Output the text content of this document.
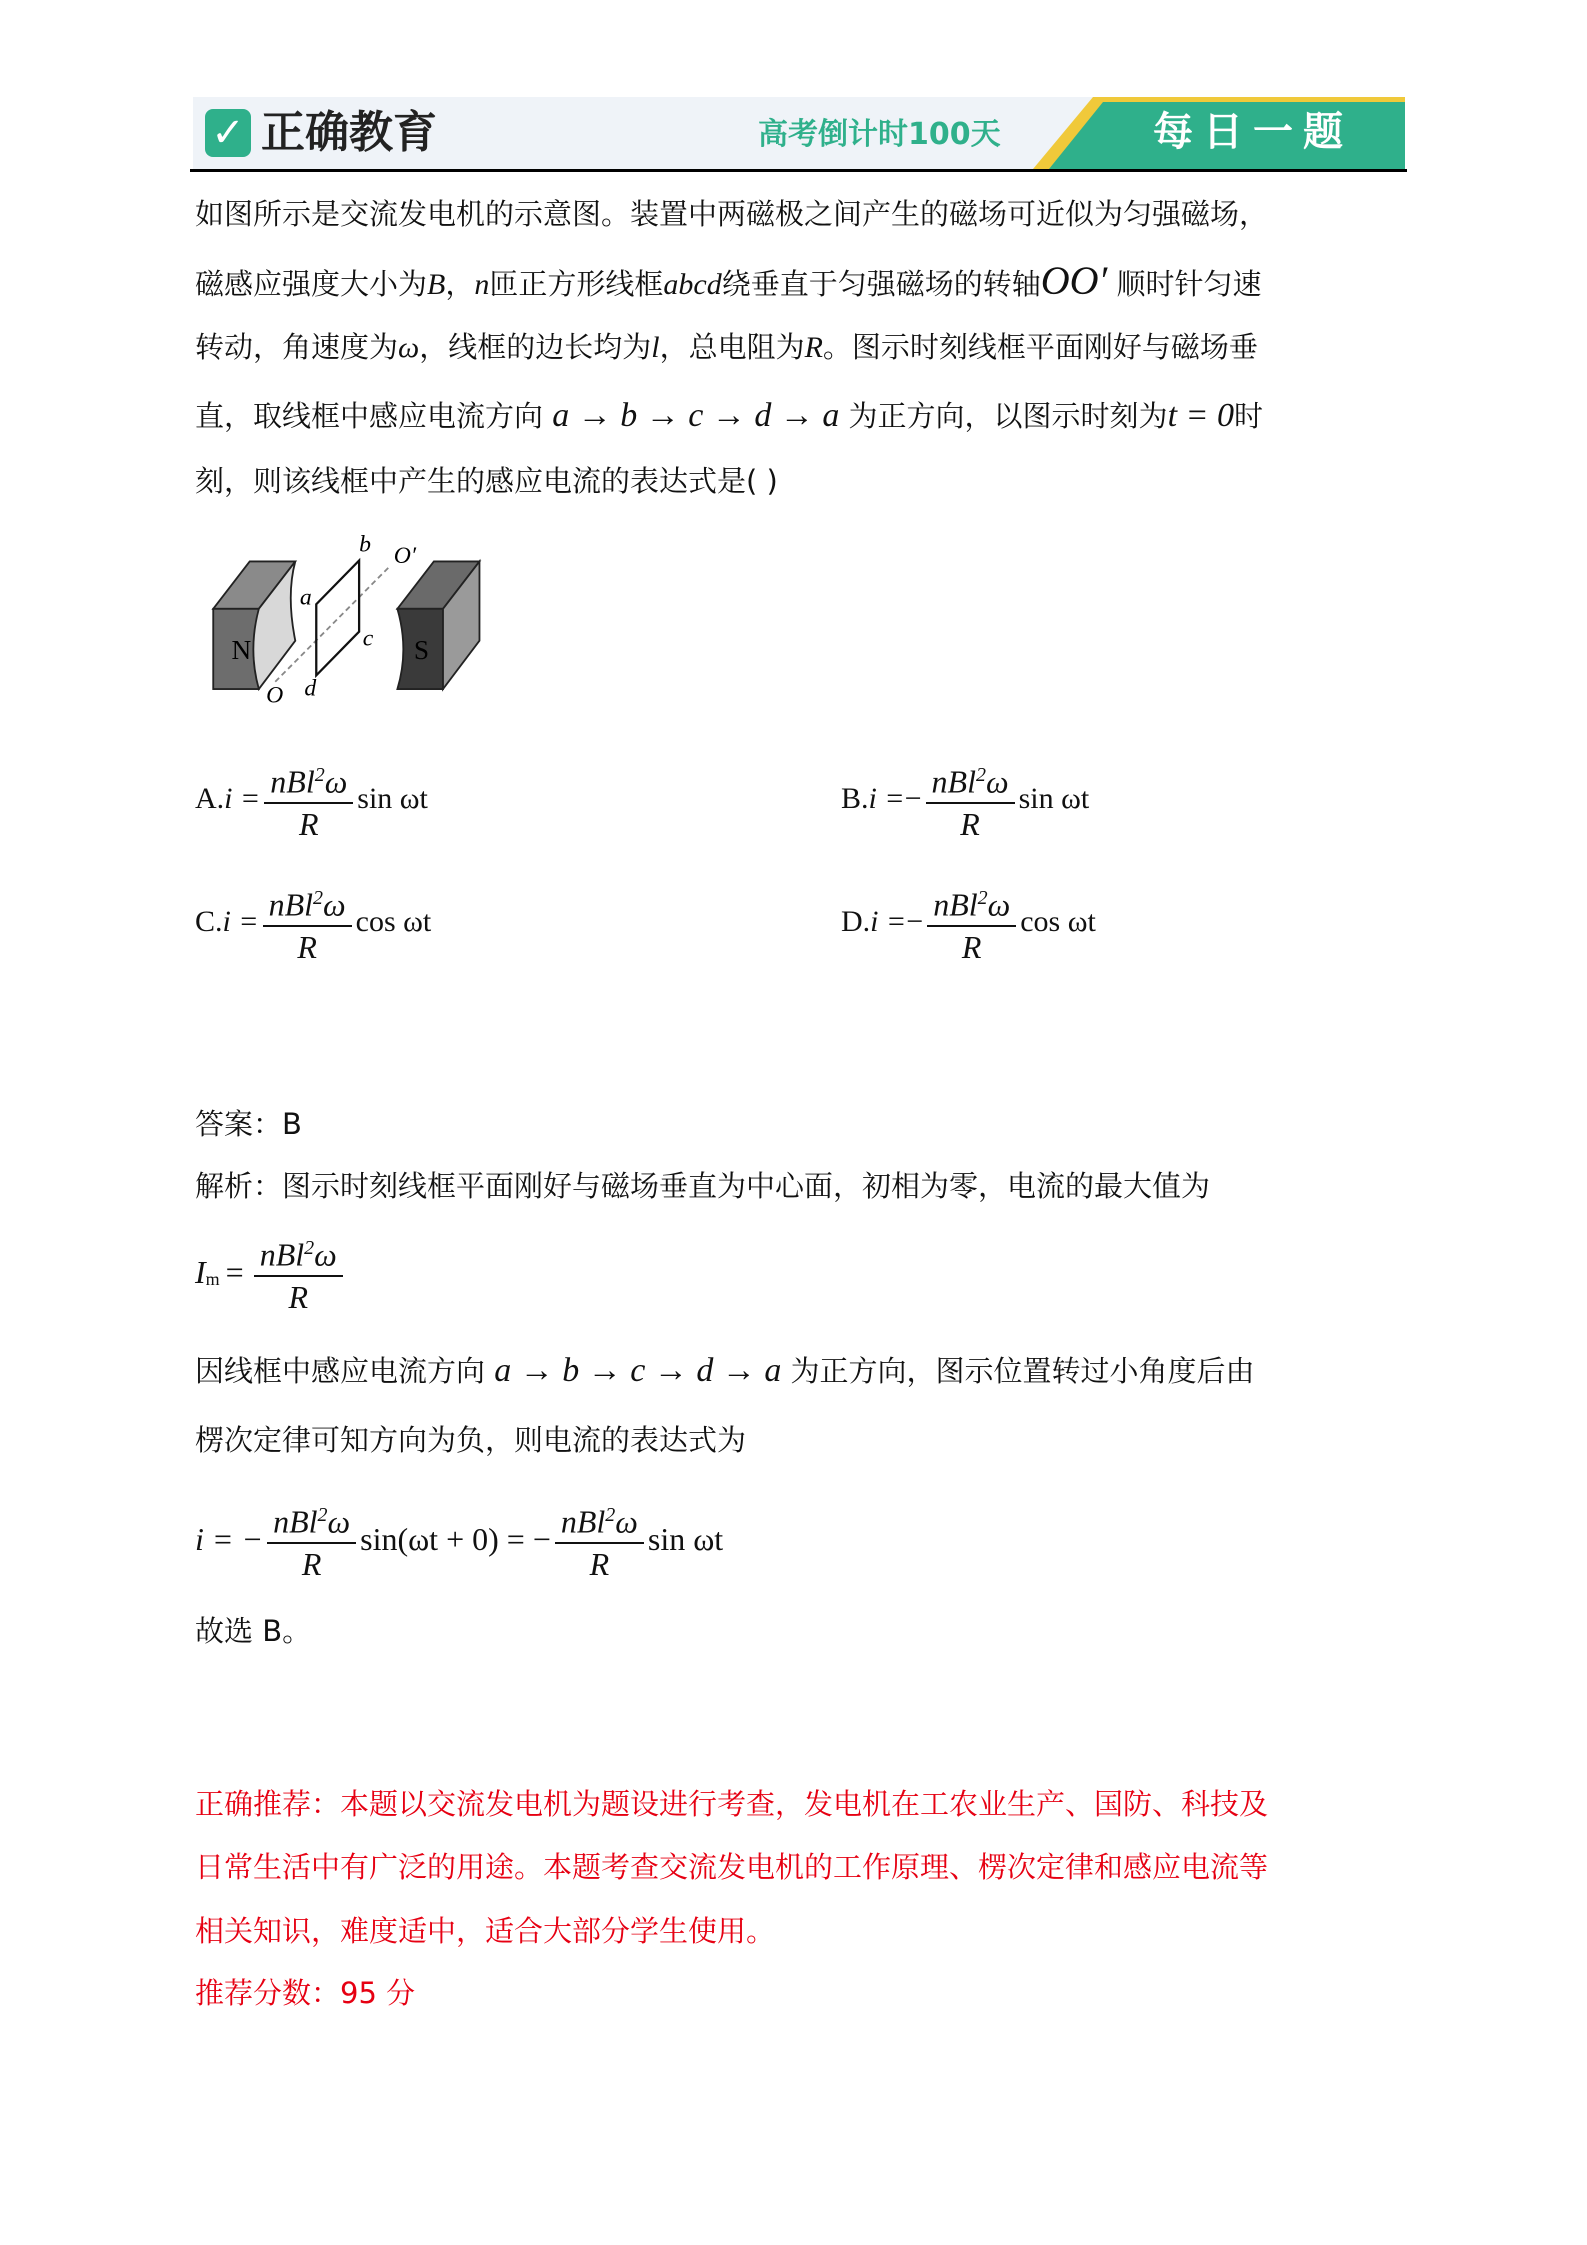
✓ 正确教育	高考倒计时100天	每日一题
如图所示是交流发电机的示意图。装置中两磁极之间产生的磁场可近似为匀强磁场，
磁感应强度大小为B，n匝正方形线框abcd绕垂直于匀强磁场的转轴OO′ 顺时针匀速
转动，角速度为ω，线框的边长均为l，总电阻为R。图示时刻线框平面刚好与磁场垂
直，取线框中感应电流方向 a → b → c → d → a 为正方向，以图示时刻为t = 0时
刻，则该线框中产生的感应电流的表达式是( )
N	S
a
b
c
d
O
O′
A. $i = \frac{nBl^2\omega}{R}$ sin ωt	B. i = − $\frac{nBl^2\omega}{R}$ sin ωt
C. $i = \frac{nBl^2\omega}{R}$ cos ωt	D. i = − $\frac{nBl^2\omega}{R}$ cos ωt
答案：B
解析：图示时刻线框平面刚好与磁场垂直为中心面，初相为零，电流的最大值为
$I_m = \frac{nBl^2\omega}{R}$
因线框中感应电流方向 a → b → c → d → a 为正方向，图示位置转过小角度后由
楞次定律可知方向为负，则电流的表达式为
i = − $\frac{nBl^2\omega}{R} \sin(\omega t + 0)$ = − $\frac{nBl^2\omega}{R}$ sin ωt
故选 B。
正确推荐：本题以交流发电机为题设进行考查，发电机在工农业生产、国防、科技及
日常生活中有广泛的用途。本题考查交流发电机的工作原理、楞次定律和感应电流等
相关知识，难度适中，适合大部分学生使用。
推荐分数：95 分
